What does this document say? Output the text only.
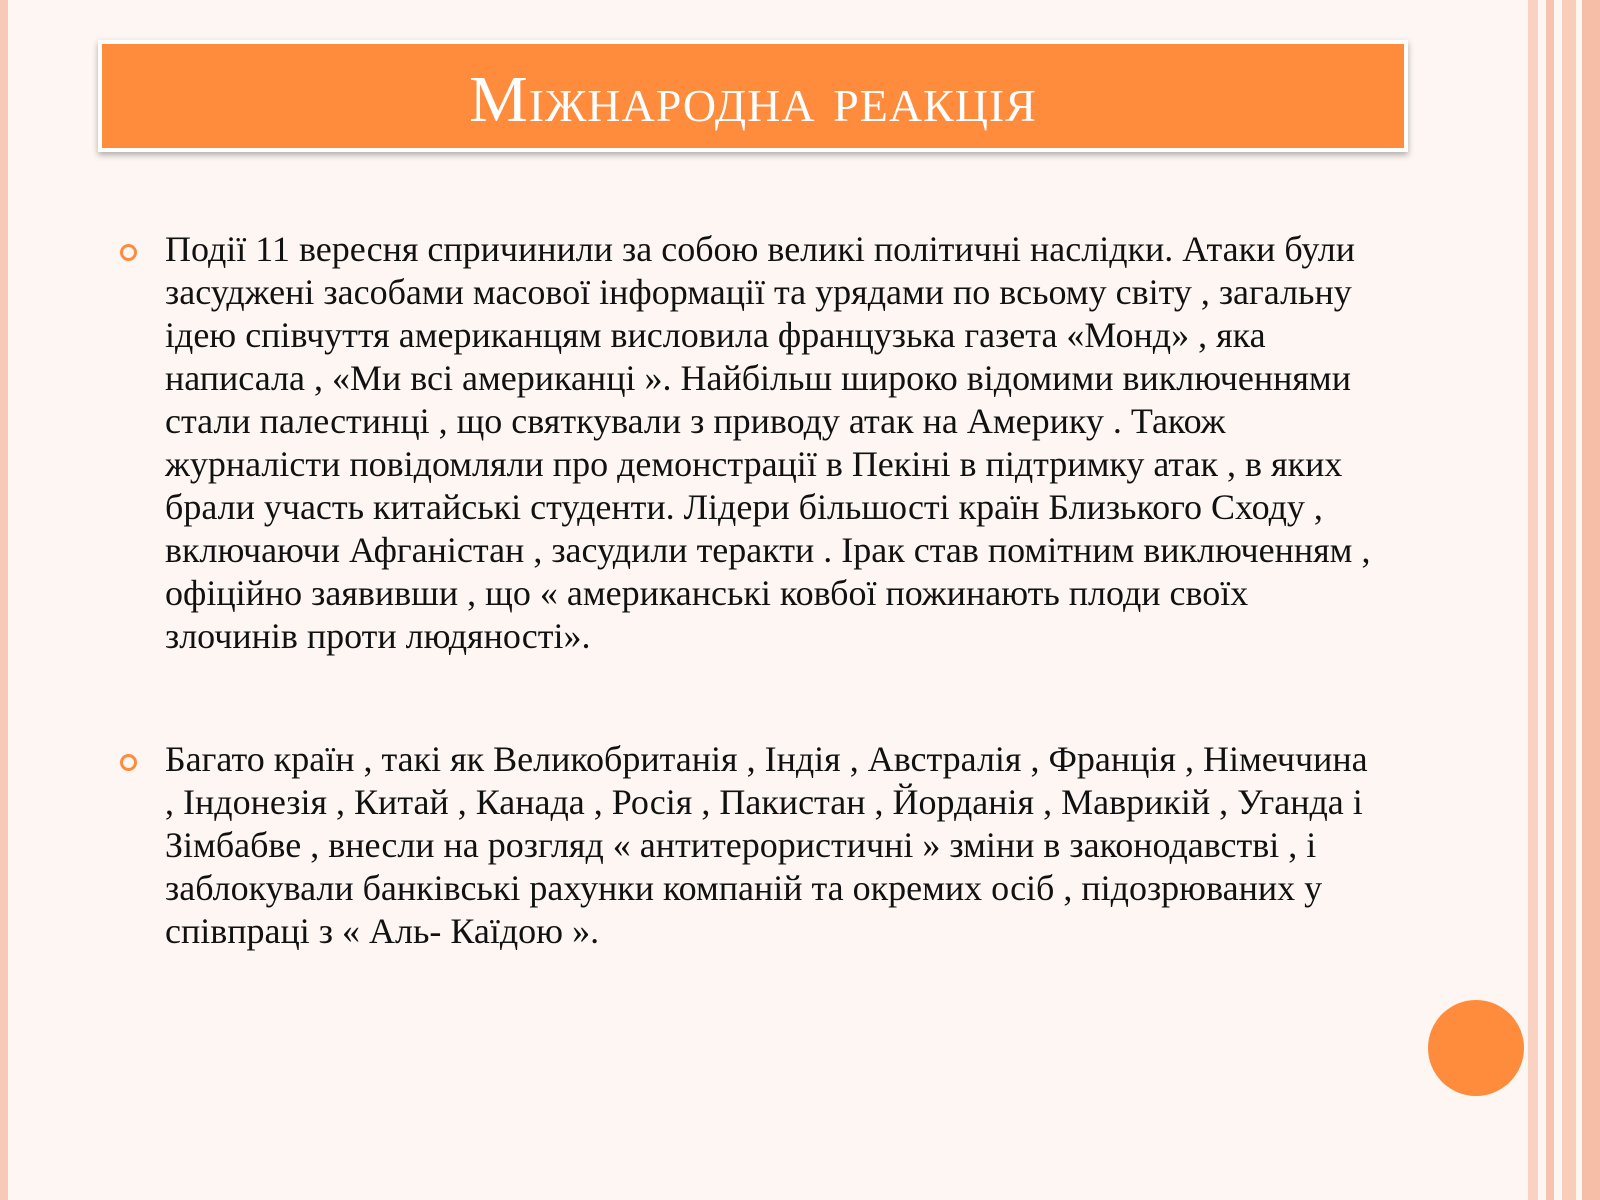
Міжнародна реакція
Події 11 вересня спричинили за собою великі політичні наслідки. Атаки були засуджені засобами масової інформації та урядами по всьому світу , загальну ідею співчуття американцям висловила французька газета «Монд» , яка написала , «Ми всі американці ». Найбільш широко відомими виключеннями стали палестинці , що святкували з приводу атак на Америку . Також журналісти повідомляли про демонстрації в Пекіні в підтримку атак , в яких брали участь китайські студенти. Лідери більшості країн Близького Сходу , включаючи Афганістан , засудили теракти . Ірак став помітним виключенням , офіційно заявивши , що « американські ковбої пожинають плоди своїх злочинів проти людяності».
Багато країн , такі як Великобританія , Індія , Австралія , Франція , Німеччина , Індонезія , Китай , Канада , Росія , Пакистан , Йорданія , Маврикій , Уганда і Зімбабве , внесли на розгляд « антитерористичні » зміни в законодавстві , і заблокували банківські рахунки компаній та окремих осіб , підозрюваних у співпраці з « Аль- Каїдою ».
